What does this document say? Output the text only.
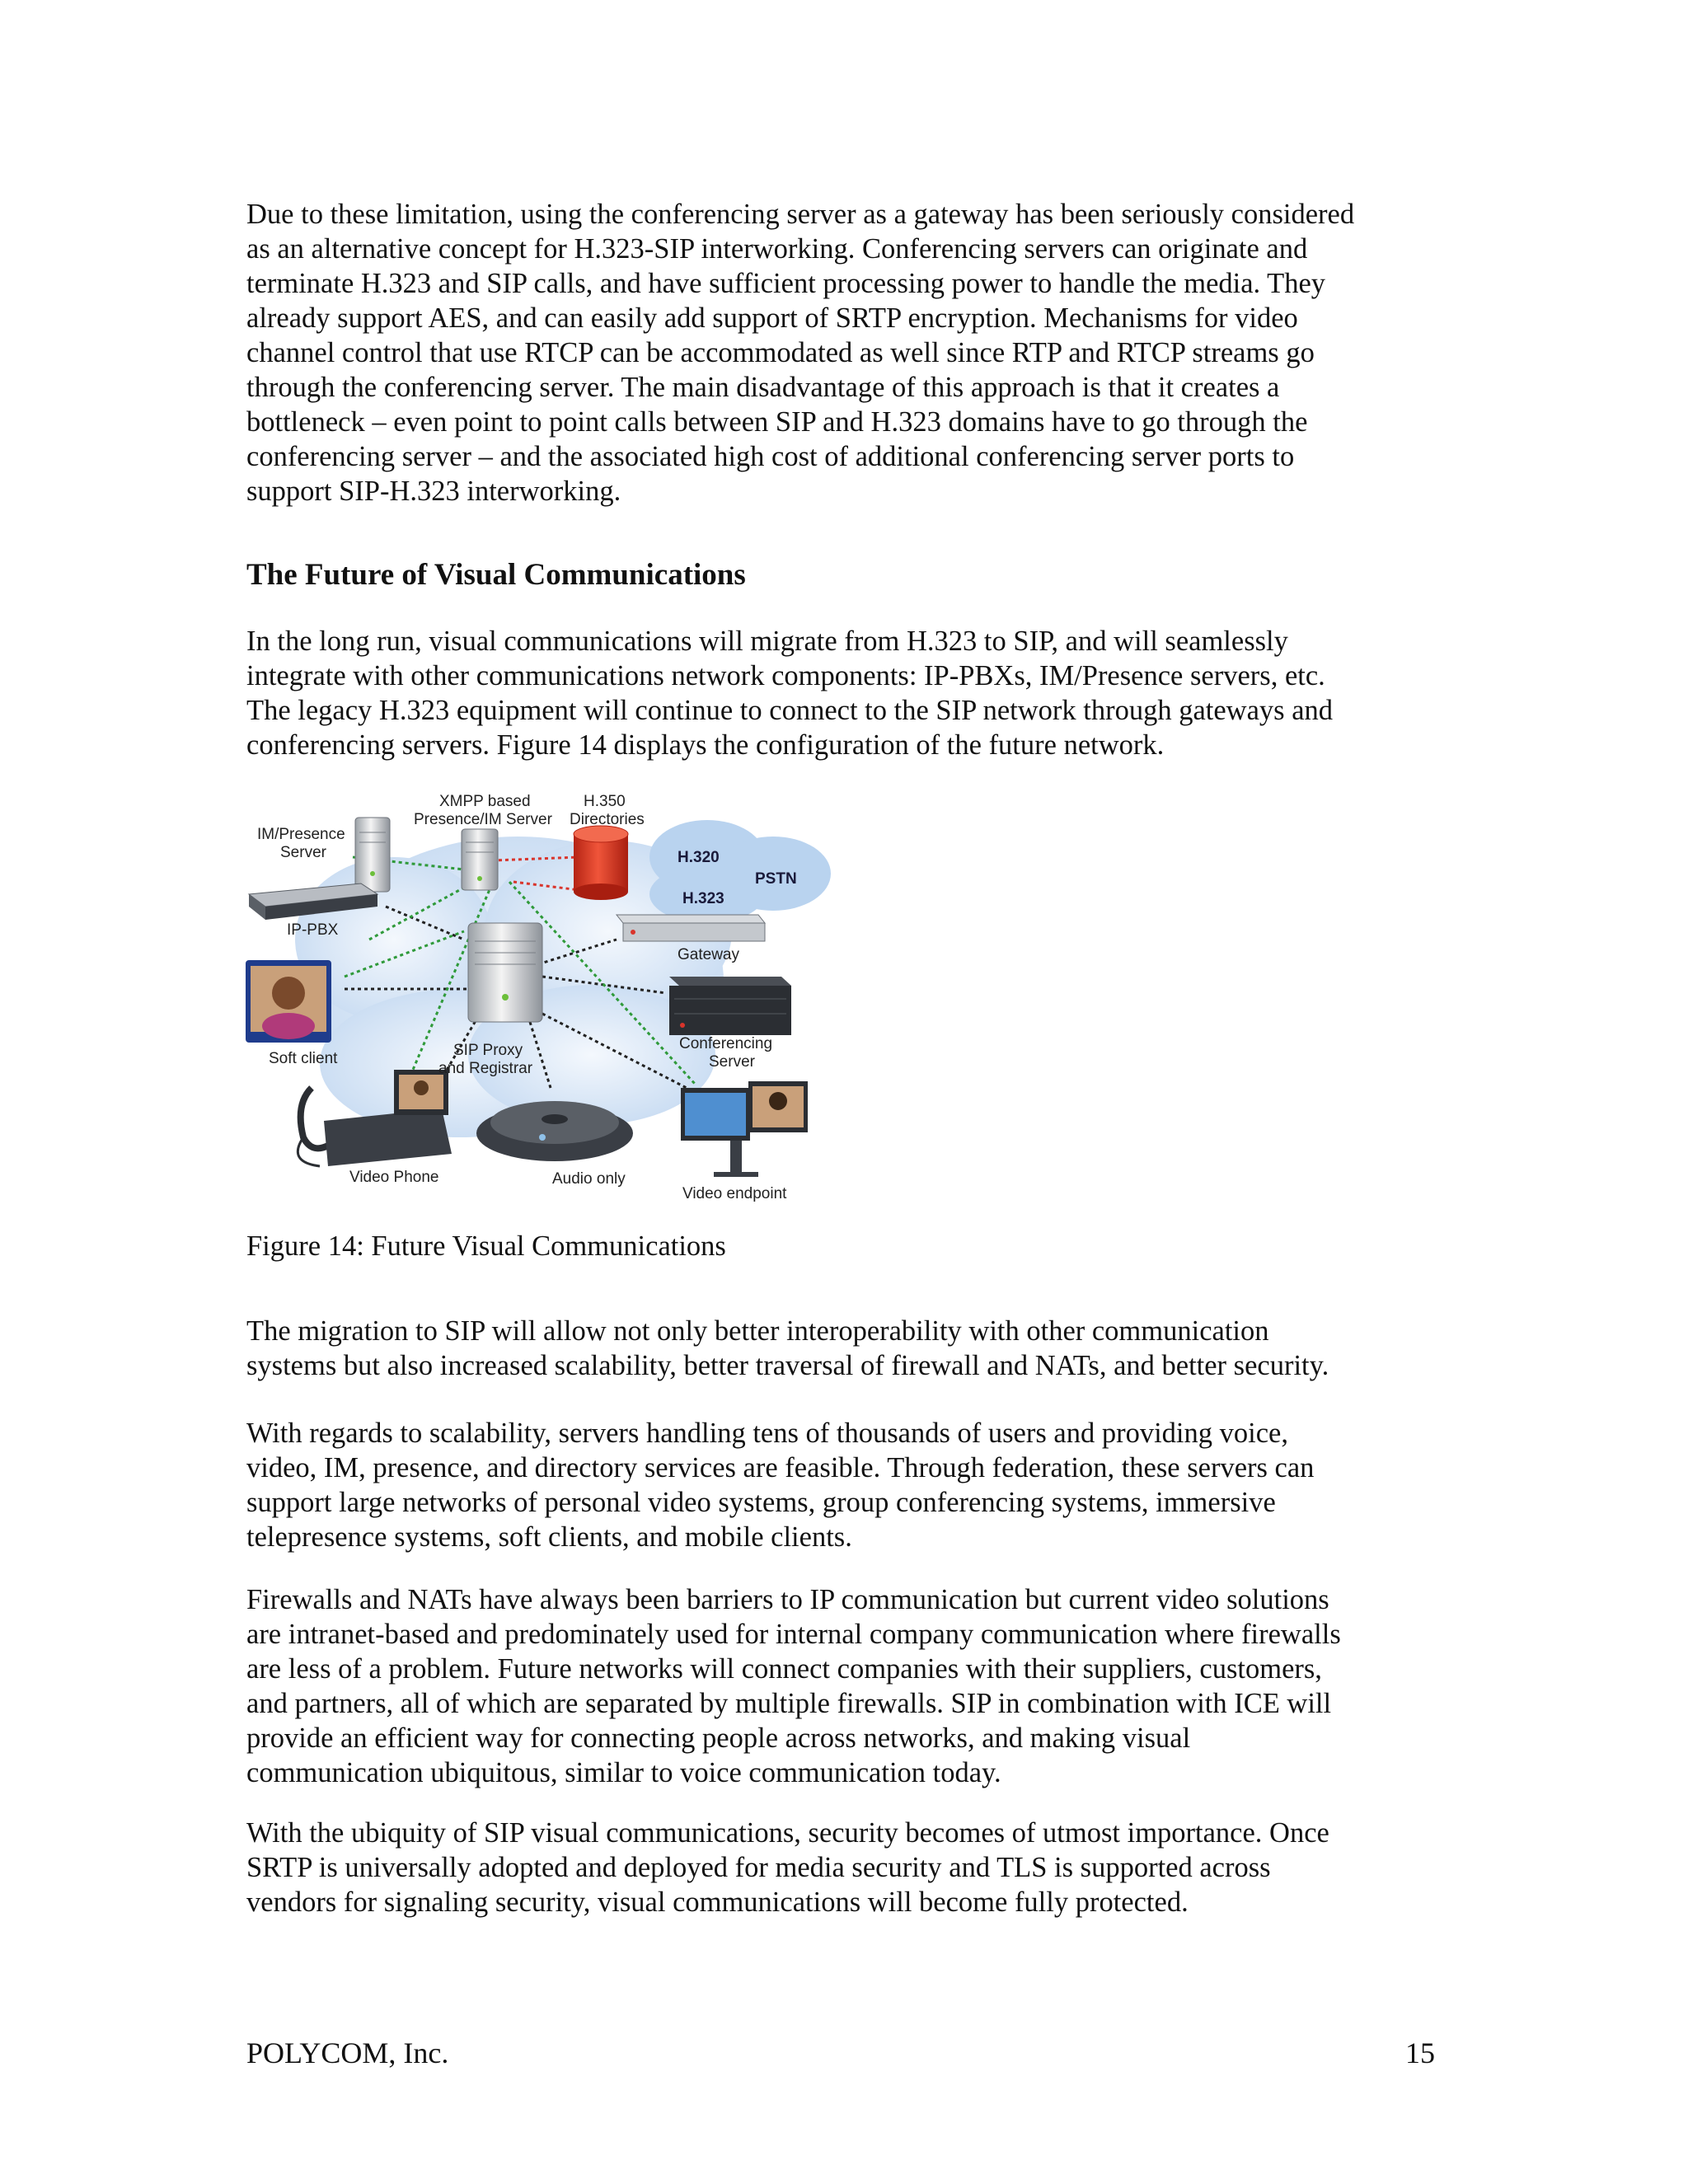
Due to these limitation, using the conferencing server as a gateway has been seriously considered
as an alternative concept for H.323-SIP interworking. Conferencing servers can originate and
terminate H.323 and SIP calls, and have sufficient processing power to handle the media. They
already support AES, and can easily add support of SRTP encryption. Mechanisms for video
channel control that use RTCP can be accommodated as well since RTP and RTCP streams go
through the conferencing server. The main disadvantage of this approach is that it creates a
bottleneck – even point to point calls between SIP and H.323 domains have to go through the
conferencing server – and the associated high cost of additional conferencing server ports to
support SIP-H.323 interworking.

The Future of Visual Communications

In the long run, visual communications will migrate from H.323 to SIP, and will seamlessly
integrate with other communications network components: IP-PBXs, IM/Presence servers, etc.
The legacy H.323 equipment will continue to connect to the SIP network through gateways and
conferencing servers. Figure 14 displays the configuration of the future network.

IM/Presence
Server
XMPP based
Presence/IM Server
H.350
Directories
H.320
PSTN
H.323
IP-PBX
Gateway
Soft client	SIP Proxy
and Registrar
Conferencing
Server
Video Phone	Audio only
Video endpoint

Figure 14: Future Visual Communications

The migration to SIP will allow not only better interoperability with other communication
systems but also increased scalability, better traversal of firewall and NATs, and better security.

With regards to scalability, servers handling tens of thousands of users and providing voice,
video, IM, presence, and directory services are feasible. Through federation, these servers can
support large networks of personal video systems, group conferencing systems, immersive
telepresence systems, soft clients, and mobile clients.

Firewalls and NATs have always been barriers to IP communication but current video solutions
are intranet-based and predominately used for internal company communication where firewalls
are less of a problem. Future networks will connect companies with their suppliers, customers,
and partners, all of which are separated by multiple firewalls. SIP in combination with ICE will
provide an efficient way for connecting people across networks, and making visual
communication ubiquitous, similar to voice communication today.

With the ubiquity of SIP visual communications, security becomes of utmost importance. Once
SRTP is universally adopted and deployed for media security and TLS is supported across
vendors for signaling security, visual communications will become fully protected.

POLYCOM, Inc.	15
